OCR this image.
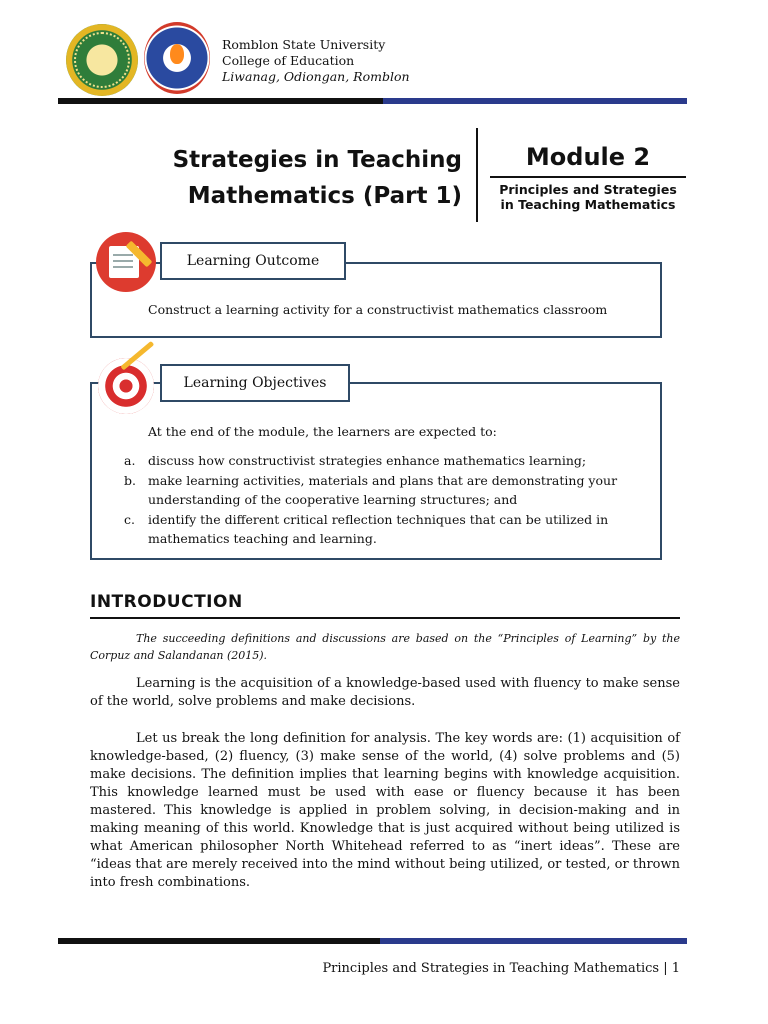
Romblon State University
College of Education
Liwanag, Odiongan, Romblon
Strategies in Teaching
Mathematics (Part 1)
Module 2
Principles and Strategies
in Teaching Mathematics
Learning Outcome
Construct a learning activity for a constructivist mathematics classroom
Learning Objectives
At the end of the module, the learners are expected to:
a.	discuss how constructivist strategies enhance mathematics learning;
b. make learning activities, materials and plans that are demonstrating your understanding of the cooperative learning structures; and
c.	identify the different critical reflection techniques that can be utilized in mathematics teaching and learning.
INTRODUCTION
The succeeding definitions and discussions are based on the “Principles of Learning” by the Corpuz and Salandanan (2015).
Learning is the acquisition of a knowledge-based used with fluency to make sense of the world, solve problems and make decisions.
Let us break the long definition for analysis. The key words are: (1) acquisition of knowledge-based, (2) fluency, (3) make sense of the world, (4) solve problems and (5) make decisions. The definition implies that learning begins with knowledge acquisition. This knowledge learned must be used with ease or fluency because it has been mastered. This knowledge is applied in problem solving, in decision-making and in making meaning of this world. Knowledge that is just acquired without being utilized is what American philosopher North Whitehead referred to as “inert ideas”. These are “ideas that are merely received into the mind without being utilized, or tested, or thrown into fresh combinations.
Principles and Strategies in Teaching Mathematics | 1
